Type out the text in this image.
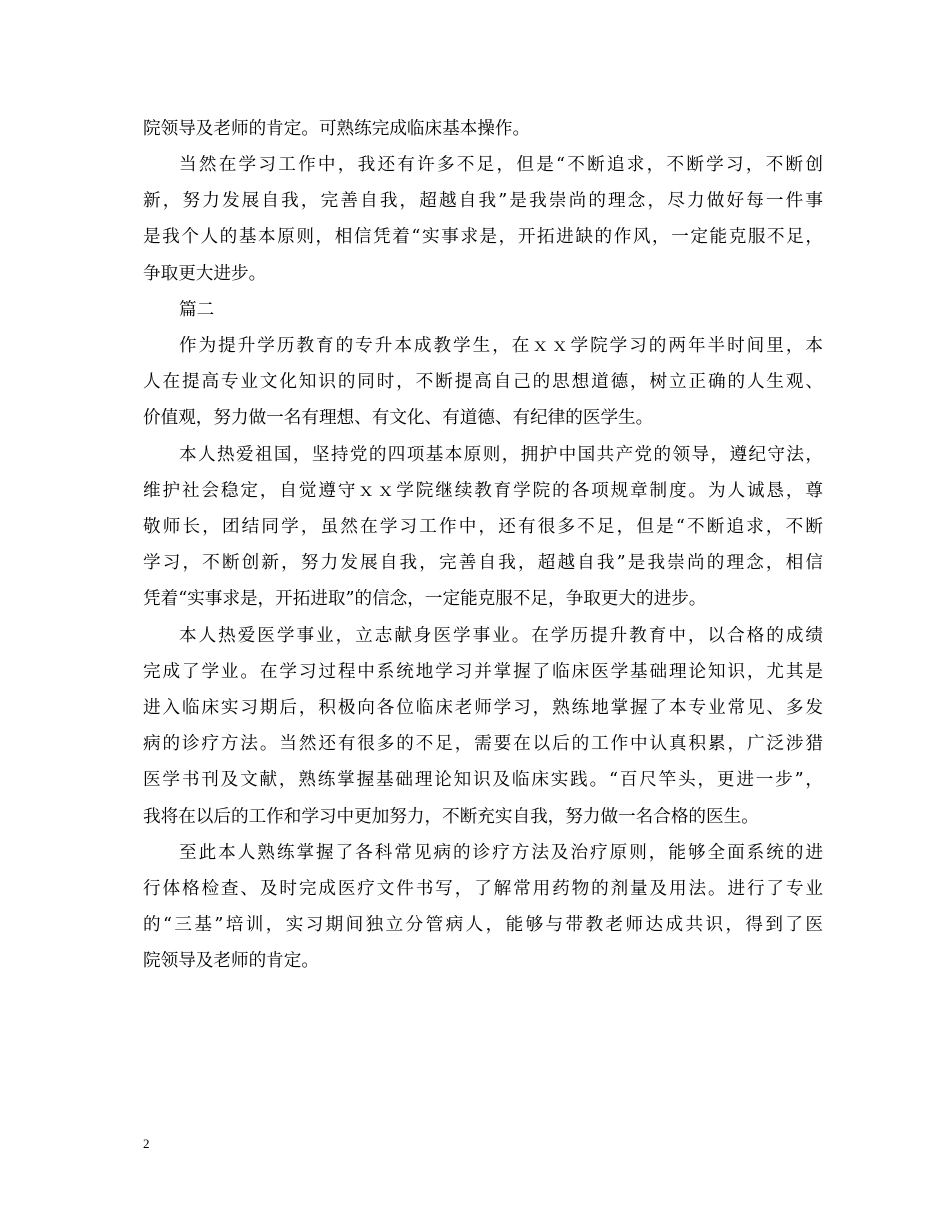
院领导及老师的肯定。可熟练完成临床基本操作。
当然在学习工作中，我还有许多不足，但是“不断追求，不断学习，不断创
新，努力发展自我，完善自我，超越自我”是我崇尚的理念，尽力做好每一件事
是我个人的基本原则，相信凭着“实事求是，开拓进缺的作风，一定能克服不足，
争取更大进步。
篇二
作为提升学历教育的专升本成教学生，在ｘｘ学院学习的两年半时间里，本
人在提高专业文化知识的同时，不断提高自己的思想道德，树立正确的人生观、
价值观，努力做一名有理想、有文化、有道德、有纪律的医学生。
本人热爱祖国，坚持党的四项基本原则，拥护中国共产党的领导，遵纪守法，
维护社会稳定，自觉遵守ｘｘ学院继续教育学院的各项规章制度。为人诚恳，尊
敬师长，团结同学，虽然在学习工作中，还有很多不足，但是“不断追求，不断
学习，不断创新，努力发展自我，完善自我，超越自我”是我崇尚的理念，相信
凭着“实事求是，开拓进取”的信念，一定能克服不足，争取更大的进步。
本人热爱医学事业，立志献身医学事业。在学历提升教育中，以合格的成绩
完成了学业。在学习过程中系统地学习并掌握了临床医学基础理论知识，尤其是
进入临床实习期后，积极向各位临床老师学习，熟练地掌握了本专业常见、多发
病的诊疗方法。当然还有很多的不足，需要在以后的工作中认真积累，广泛涉猎
医学书刊及文献，熟练掌握基础理论知识及临床实践。“百尺竿头，更进一步”，
我将在以后的工作和学习中更加努力，不断充实自我，努力做一名合格的医生。
至此本人熟练掌握了各科常见病的诊疗方法及治疗原则，能够全面系统的进
行体格检查、及时完成医疗文件书写，了解常用药物的剂量及用法。进行了专业
的“三基”培训，实习期间独立分管病人，能够与带教老师达成共识，得到了医
院领导及老师的肯定。
2
